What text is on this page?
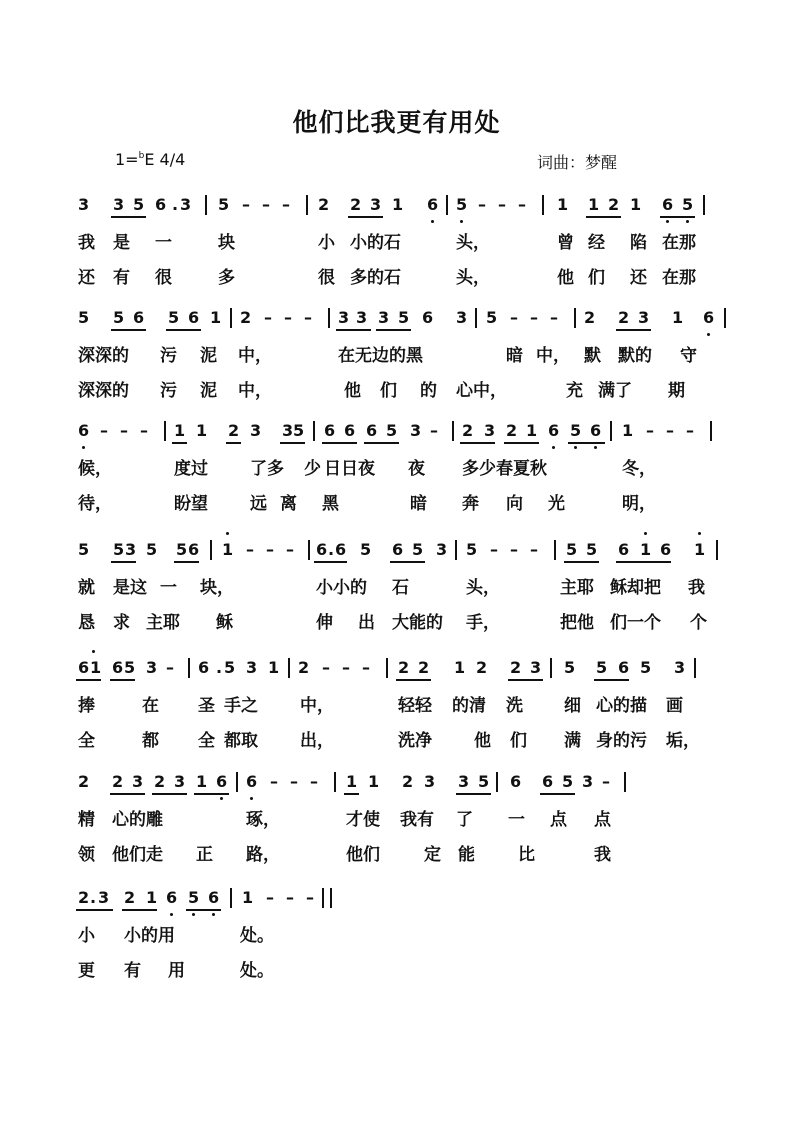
他们比我更有用处
1=$^b$E 4/4	词曲：梦醒
3 3 5 6 . 3 5 – – – 2 2 3 1 6 5 – – – 1 1 2 1 6 5
我 是 一	块	小 小的石	头，	曾 经 陷 在那
还 有 很	多	很 多的石	头，	他 们 还 在那
5 5 6 5 6 1 2 – – – 3 3 3 5 6 3 5 – – – 2 2 3 1 6
深深的 污 泥 中，	在无边的黑	暗 中， 默 默的 守
深深的 污 泥 中，	他 们 的 心中，	充 满了 期
6 – – – 1 1 2 3 3 5 6 6 6 5 3 – 2 3 2 1 6 5 6 1 – – –
候，	度过 了多 少 日日夜 夜 多少春夏秋	冬，
待，	盼望 远 离 黑	暗 奔 向 光	明，
5 5 3 5 5 6 1 – – – 6 . 6 5 6 5 3 5 – – – 5 5 6 1 6 1
就 是这 一 块，	小小的 石	头，	主耶 稣却把 我
恳 求 主耶 稣	伸 出 大能的 手，	把他 们一个 个
6 1 6 5 3 – 6 . 5 3 1 2 – – – 2 2 1 2 2 3 5 5 6 5 3
捧	在 圣 手之 中，	轻轻 的清 洗 细 心的描 画
全	都 全 都取 出，	洗净 他 们 满 身的污 垢，
2 2 3 2 3 1 6 6 – – – 1 1 2 3 3 5 6 6 5 3 –
精 心的雕	琢，	才使 我有 了 一 点 点
领 他们走 正 路，	他们	定 能	比	我
2 . 3 2 1 6 5 6 1 – – –
小 小的用	处。
更 有 用	处。
